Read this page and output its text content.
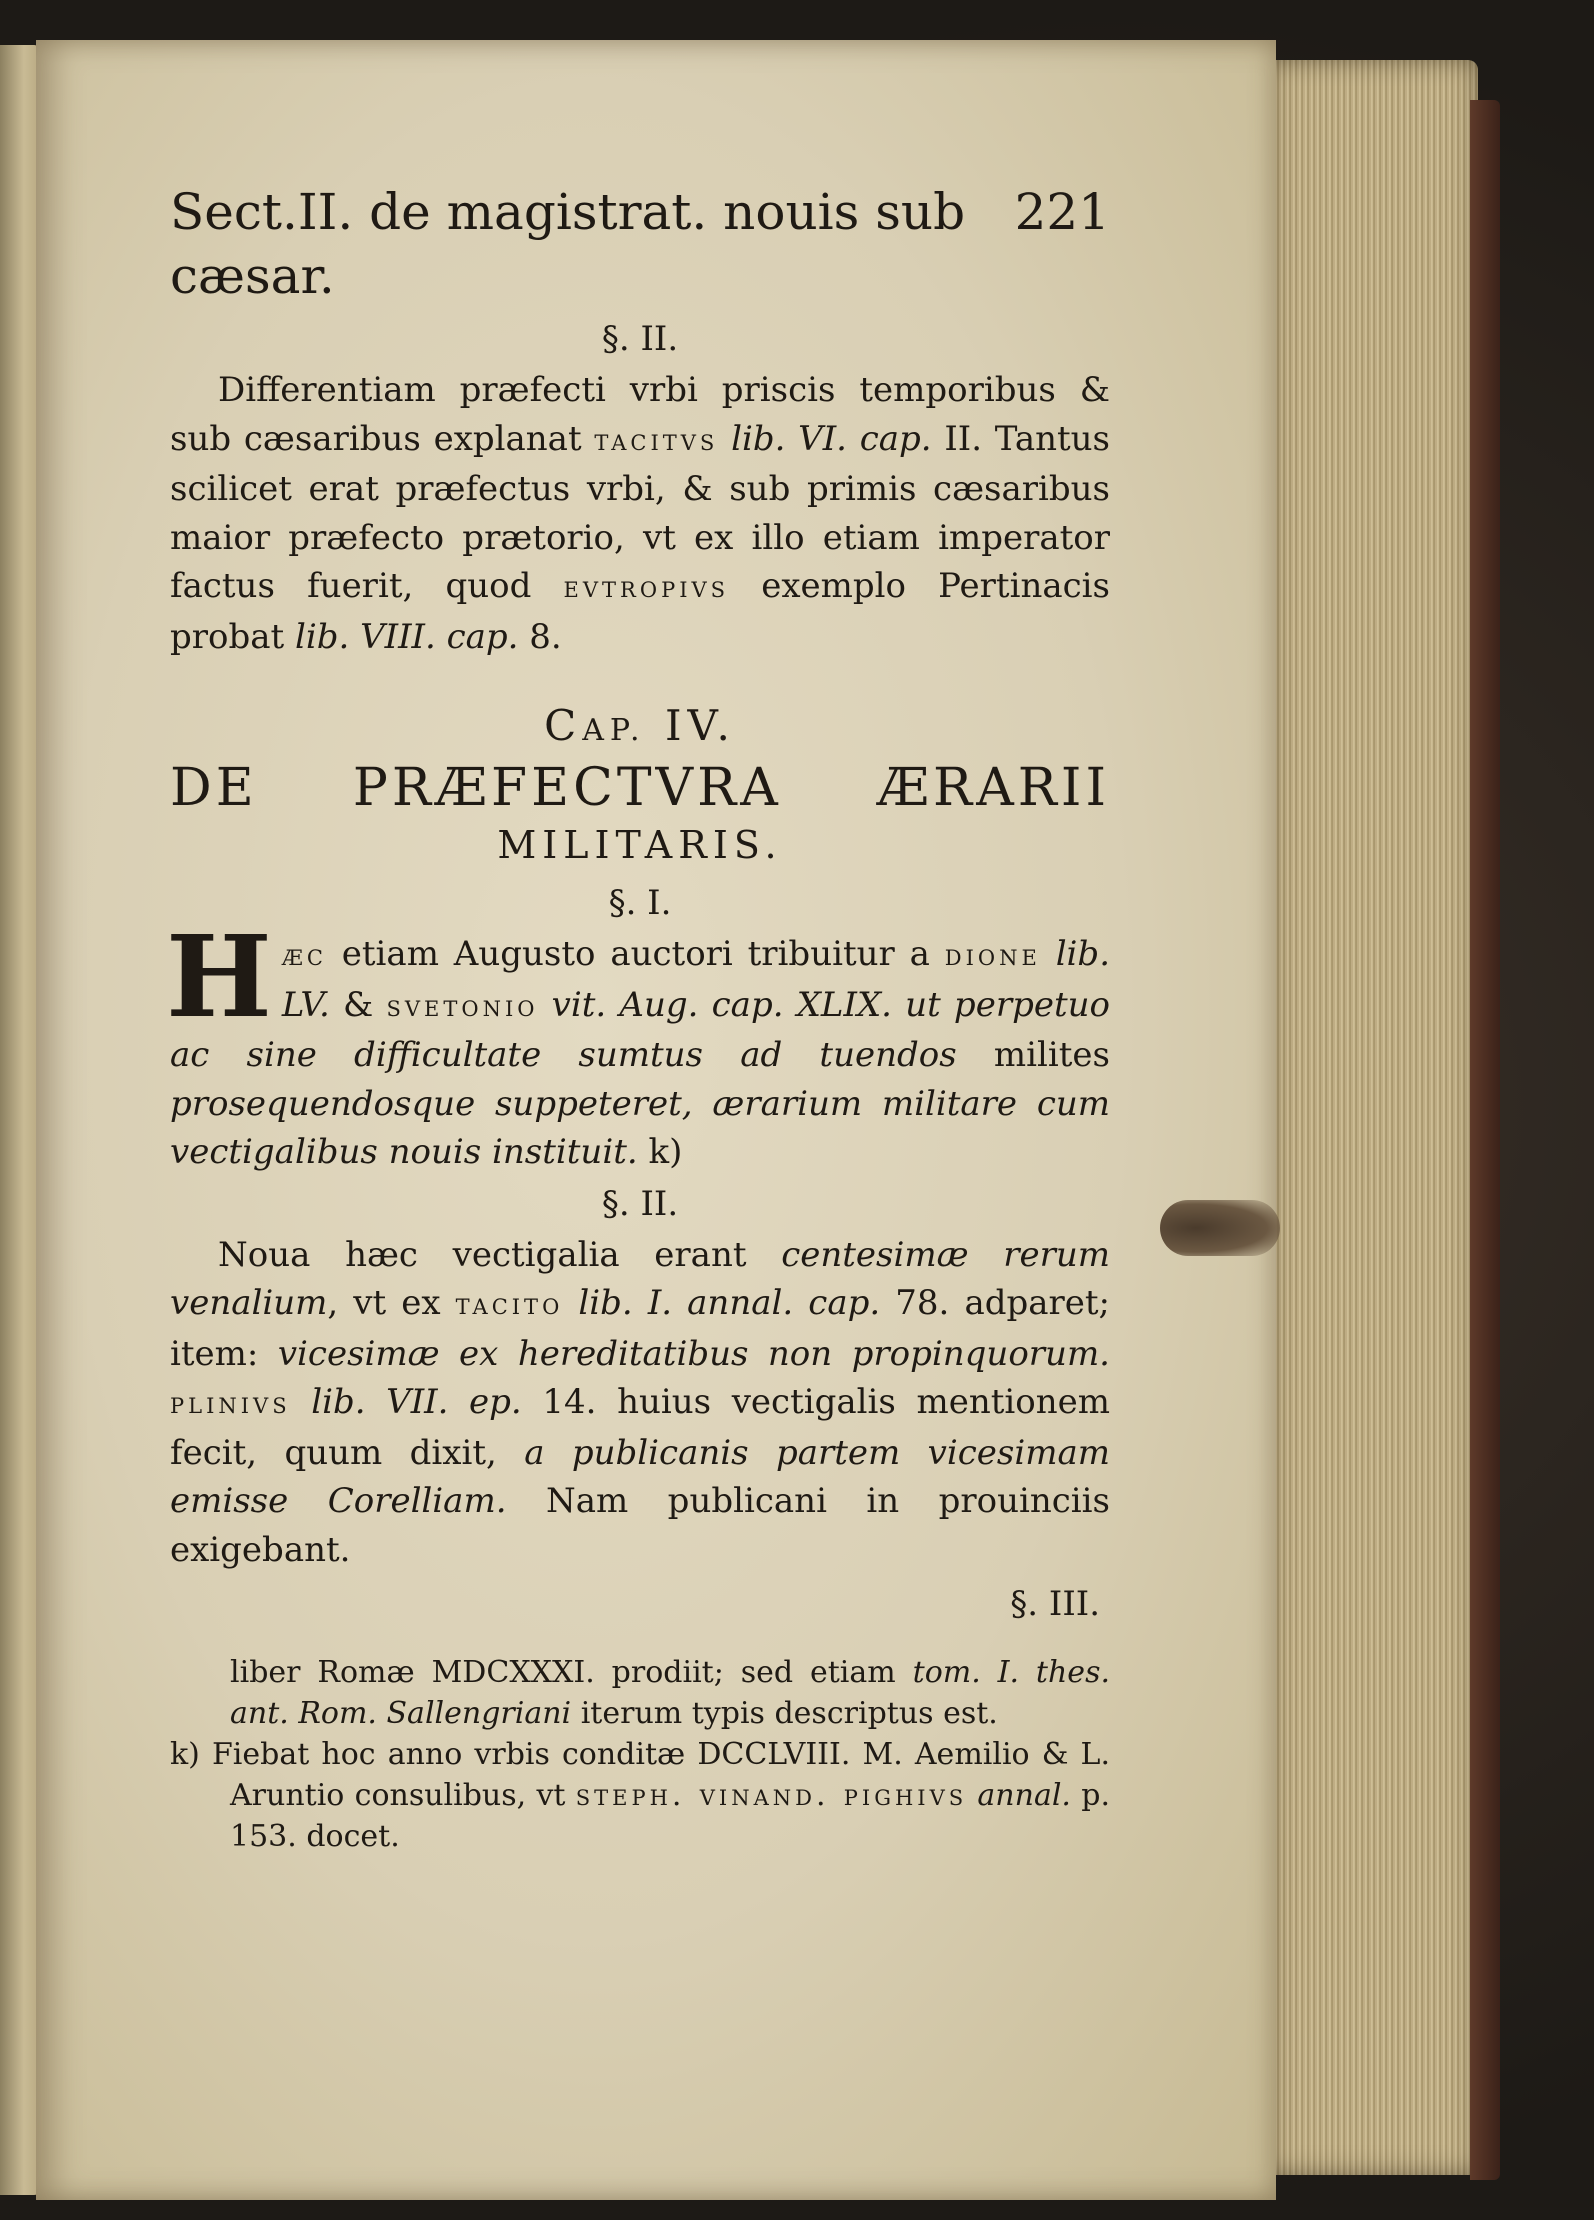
Sect.II. de magistrat. nouis sub cæsar.
221
§. II.

Differentiam præfecti vrbi priscis temporibus & sub cæsaribus explanat tacitvs lib. VI. cap. II. Tantus scilicet erat præfectus vrbi, & sub primis cæsaribus maior præfecto prætorio, vt ex illo etiam imperator factus fuerit, quod evtropivs exemplo Pertinacis probat lib. VIII. cap. 8.

CAP. IV.

DE PRÆFECTVRA ÆRARII

MILITARIS.

§. I.
H æc etiam Augusto auctori tribuitur a dione lib. LV. & svetonio vit. Aug. cap. XLIX. ut perpetuo ac sine difficultate sumtus ad tuendos milites prosequendosque suppeteret, ærarium militare cum vectigalibus nouis instituit. k)

§. II.

Noua hæc vectigalia erant centesimæ rerum venalium, vt ex tacito lib. I. annal. cap. 78. adparet; item: vicesimæ ex hereditatibus non propinquorum. plinivs lib. VII. ep. 14. huius vectigalis mentionem fecit, quum dixit, a publicanis partem vicesimam emisse Corelliam. Nam publicani in prouinciis exigebant.

§. III.
liber Romæ MDCXXXI. prodiit; sed etiam tom. I. thes. ant. Rom. Sallengriani iterum typis descriptus est.
k) Fiebat hoc anno vrbis conditæ DCCLVIII. M. Aemilio & L. Aruntio consulibus, vt steph. vinand. pighivs annal. p. 153. docet.
